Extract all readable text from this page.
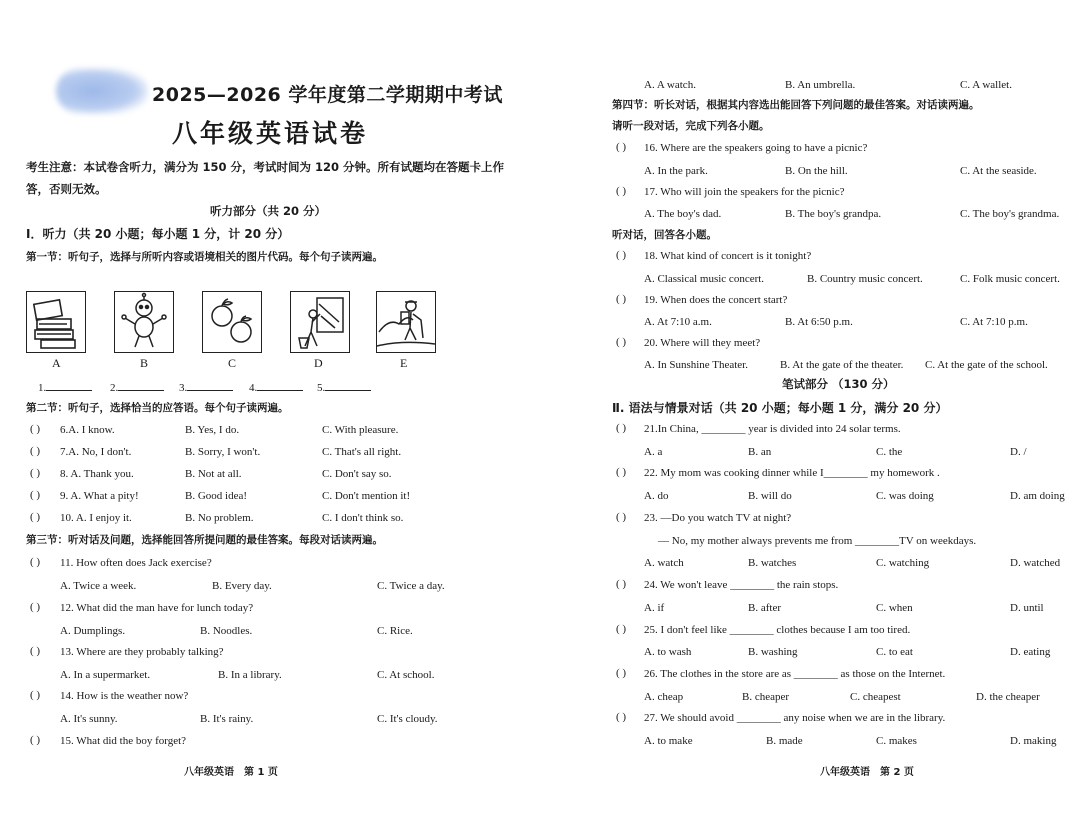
2025—2026 学年度第二学期期中考试
八年级英语试卷
考生注意：本试卷含听力，满分为 150 分，考试时间为 120 分钟。所有试题均在答题卡上作答，否则无效。
听力部分（共 20 分）
Ⅰ．听力（共 20 小题；每小题 1 分，计 20 分）
第一节：听句子，选择与所听内容或语境相关的图片代码。每个句子读两遍。
A	B	C	D	E
1.	2.	3.	4.	5.
第二节：听句子，选择恰当的应答语。每个句子读两遍。
( ) 6.A. I know.	B. Yes, I do.	C. With pleasure.
( ) 7.A. No, I don't.	B. Sorry, I won't.	C. That's all right.
( ) 8. A. Thank you.	B. Not at all.	C. Don't say so.
( ) 9. A. What a pity!	B. Good idea!	C. Don't mention it!
( ) 10. A. I enjoy it.	B. No problem.	C. I don't think so.
第三节：听对话及问题，选择能回答所提问题的最佳答案。每段对话读两遍。
( ) 11. How often does Jack exercise?
A. Twice a week.	B. Every day.	C. Twice a day.
( ) 12. What did the man have for lunch today?
A. Dumplings.	B. Noodles.	C. Rice.
( ) 13. Where are they probably talking?
A. In a supermarket.	B. In a library.	C. At school.
( ) 14. How is the weather now?
A. It's sunny.	B. It's rainy.	C. It's cloudy.
( ) 15. What did the boy forget?
八年级英语　第 1 页
A. A watch.	B. An umbrella.	C. A wallet.
第四节：听长对话，根据其内容选出能回答下列问题的最佳答案。对话读两遍。
请听一段对话，完成下列各小题。
( ) 16. Where are the speakers going to have a picnic?
A. In the park.	B. On the hill.	C. At the seaside.
( ) 17. Who will join the speakers for the picnic?
A. The boy's dad.	B. The boy's grandpa.	C. The boy's grandma.
听对话，回答各小题。
( ) 18. What kind of concert is it tonight?
A. Classical music concert.	B. Country music concert.	C. Folk music concert.
( ) 19. When does the concert start?
A. At 7:10 a.m.	B. At 6:50 p.m.	C. At 7:10 p.m.
( ) 20. Where will they meet?
A. In Sunshine Theater.	B. At the gate of the theater. C. At the gate of the school.
笔试部分 （130 分）
Ⅱ. 语法与情景对话（共 20 小题；每小题 1 分，满分 20 分）
( ) 21.In China, ________ year is divided into 24 solar terms.
A. a	B. an	C. the	D. /
( ) 22. My mom was cooking dinner while I________ my homework .
A. do	B. will do	C. was doing	D. am doing
( ) 23. —Do you watch TV at night?
— No, my mother always prevents me from ________TV on weekdays.
A. watch	B. watches	C. watching	D. watched
( ) 24. We won't leave ________ the rain stops.
A. if	B. after	C. when	D. until
( ) 25. I don't feel like ________ clothes because I am too tired.
A. to wash	B. washing	C. to eat	D. eating
( ) 26. The clothes in the store are as ________ as those on the Internet.
A. cheap	B. cheaper	C. cheapest	D. the cheaper
( ) 27. We should avoid ________ any noise when we are in the library.
A. to make	B. made	C. makes	D. making
八年级英语　第 2 页
